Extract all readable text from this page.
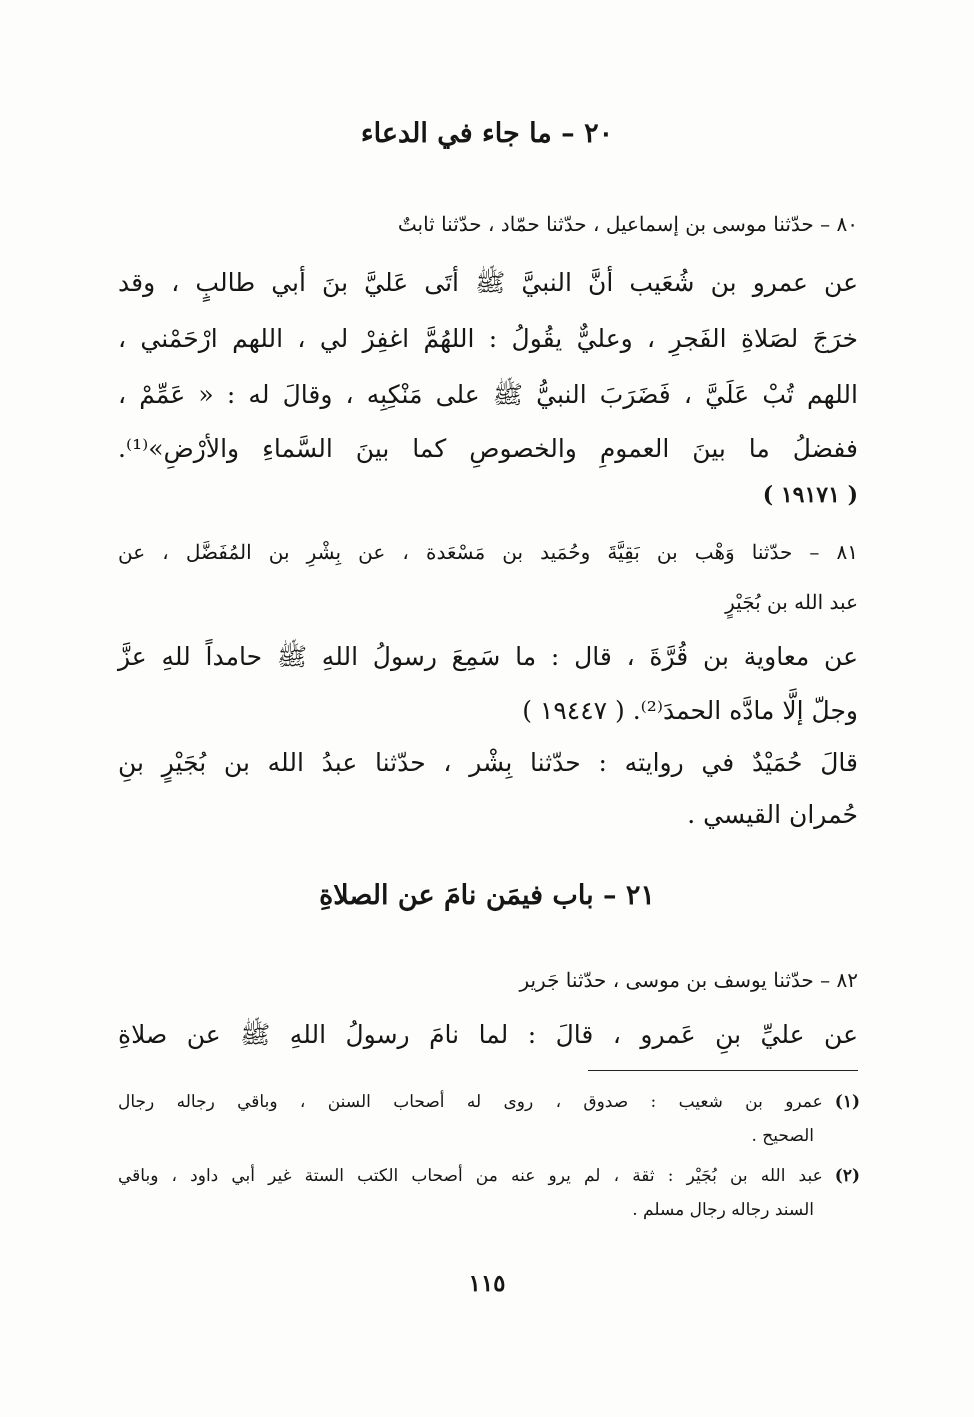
٢٠ – ما جاء في الدعاء

٨٠ – حدّثنا موسى بن إسماعيل ، حدّثنا حمّاد ، حدّثنا ثابتٌ

عن عمرو بن شُعَيب أنَّ النبيَّ ﷺ أتَى عَليَّ بنَ أبي طالبٍ ، وقد

خرَجَ لصَلاةِ الفَجرِ ، وعليٌّ يقُولُ : اللهُمَّ اغفِرْ لي ، اللهم ارْحَمْني ،

اللهم تُبْ عَلَيَّ ، فَضَرَبَ النبيُّ ﷺ على مَنْكِبِه ، وقالَ له : « عَمِّمْ ،

ففضلُ ما بينَ العمومِ والخصوصِ كما بينَ السَّماءِ والأرْضِ»⁽¹⁾.

( ١٩١٧١ )

٨١ – حدّثنا وَهْب بن بَقِيَّةَ وحُمَيد بن مَسْعَدة ، عن بِشْرِ بن المُفَضَّل ، عن

عبد الله بن بُجَيْرٍ

عن معاوية بن قُرَّةَ ، قال : ما سَمِعَ رسولُ اللهِ ﷺ حامداً للهِ عزَّ

وجلّ إلَّا مادَّه الحمدَ⁽²⁾. ( ١٩٤٤٧ )

قالَ حُمَيْدٌ في روايته : حدّثنا بِشْر ، حدّثنا عبدُ الله بن بُجَيْرٍ بنِ

حُمران القيسي .

٢١ – باب فيمَن نامَ عن الصلاةِ

٨٢ – حدّثنا يوسف بن موسى ، حدّثنا جَرير

عن عليِّ بنِ عَمرو ، قالَ : لما نامَ رسولُ اللهِ ﷺ عن صلاةِ

(١)عمرو بن شعيب : صدوق ، روى له أصحاب السنن ، وباقي رجاله رجال

الصحيح .

(٢)عبد الله بن بُجَيْر : ثقة ، لم يرو عنه من أصحاب الكتب الستة غير أبي داود ، وباقي

السند رجاله رجال مسلم .

١١٥
